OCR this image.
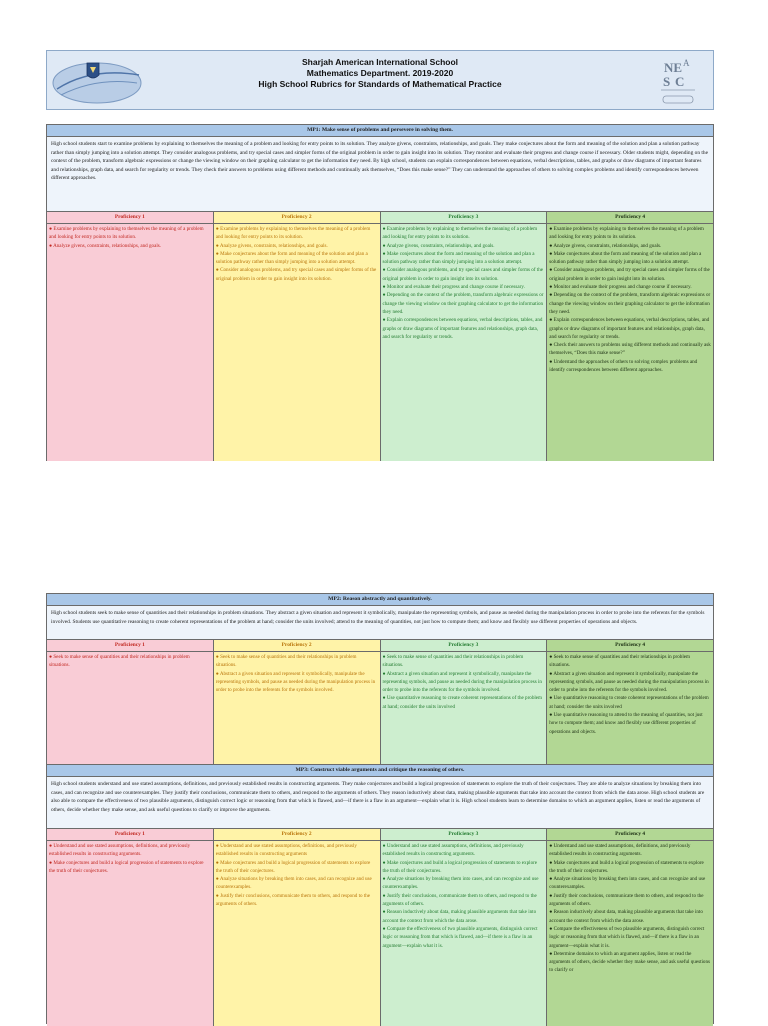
Sharjah American International School
Mathematics Department. 2019-2020
High School Rubrics for Standards of Mathematical Practice
NE A
S C
MP1: Make sense of problems and persevere in solving them.
High school students start to examine problems by explaining to themselves the meaning of a problem and looking for entry points to its solution. They analyze givens, constraints, relationships, and goals. They make conjectures about the form and meaning of the solution and plan a solution pathway rather than simply jumping into a solution attempt. They consider analogous problems, and try special cases and simpler forms of the original problem in order to gain insight into its solution. They monitor and evaluate their progress and change course if necessary. Older students might, depending on the context of the problem, transform algebraic expressions or change the viewing window on their graphing calculator to get the information they need. By high school, students can explain correspondences between equations, verbal descriptions, tables, and graphs or draw diagrams of important features and relationships, graph data, and search for regularity or trends. They check their answers to problems using different methods and continually ask themselves, “Does this make sense?” They can understand the approaches of others to solving complex problems and identify correspondences between different approaches.
Proficiency 1

● Examine problems by explaining to themselves the meaning of a problem and looking for entry points to its solution.

● Analyze givens, constraints, relationships, and goals.

Proficiency 2

● Examine problems by explaining to themselves the meaning of a problem and looking for entry points to its solution.

● Analyze givens, constraints, relationships, and goals.

● Make conjectures about the form and meaning of the solution and plan a solution pathway rather than simply jumping into a solution attempt.

● Consider analogous problems, and try special cases and simpler forms of the original problem in order to gain insight into its solution.

Proficiency 3

● Examine problems by explaining to themselves the meaning of a problem and looking for entry points to its solution.

● Analyze givens, constraints, relationships, and goals.

● Make conjectures about the form and meaning of the solution and plan a solution pathway rather than simply jumping into a solution attempt.

● Consider analogous problems, and try special cases and simpler forms of the original problem in order to gain insight into its solution.

● Monitor and evaluate their progress and change course if necessary.

● Depending on the context of the problem, transform algebraic expressions or change the viewing window on their graphing calculator to get the information they need.

● Explain correspondences between equations, verbal descriptions, tables, and graphs or draw diagrams of important features and relationships, graph data, and search for regularity or trends.

Proficiency 4

● Examine problems by explaining to themselves the meaning of a problem and looking for entry points to its solution.

● Analyze givens, constraints, relationships, and goals.

● Make conjectures about the form and meaning of the solution and plan a solution pathway rather than simply jumping into a solution attempt.

● Consider analogous problems, and try special cases and simpler forms of the original problem in order to gain insight into its solution.

● Monitor and evaluate their progress and change course if necessary.

● Depending on the context of the problem, transform algebraic expressions or change the viewing window on their graphing calculator to get the information they need.

● Explain correspondences between equations, verbal descriptions, tables, and graphs or draw diagrams of important features and relationships, graph data, and search for regularity or trends.

● Check their answers to problems using different methods and continually ask themselves, “Does this make sense?”

● Understand the approaches of others to solving complex problems and identify correspondences between different approaches.

MP2: Reason abstractly and quantitatively.
High school students seek to make sense of quantities and their relationships in problem situations. They abstract a given situation and represent it symbolically, manipulate the representing symbols, and pause as needed during the manipulation process in order to probe into the referents for the symbols involved. Students use quantitative reasoning to create coherent representations of the problem at hand; consider the units involved; attend to the meaning of quantities, not just how to compute them; and know and flexibly use different properties of operations and objects.
Proficiency 1

● Seek to make sense of quantities and their relationships in problem situations.

Proficiency 2

● Seek to make sense of quantities and their relationships in problem situations.

● Abstract a given situation and represent it symbolically, manipulate the representing symbols, and pause as needed during the manipulation process in order to probe into the referents for the symbols involved.

Proficiency 3

● Seek to make sense of quantities and their relationships in problem situations.

● Abstract a given situation and represent it symbolically, manipulate the representing symbols, and pause as needed during the manipulation process in order to probe into the referents for the symbols involved.

● Use quantitative reasoning to create coherent representations of the problem at hand; consider the units involved

Proficiency 4

● Seek to make sense of quantities and their relationships in problem situations.

● Abstract a given situation and represent it symbolically, manipulate the representing symbols, and pause as needed during the manipulation process in order to probe into the referents for the symbols involved.

● Use quantitative reasoning to create coherent representations of the problem at hand; consider the units involved

● Use quantitative reasoning to attend to the meaning of quantities, not just how to compute them; and know and flexibly use different properties of operations and objects.

MP3: Construct viable arguments and critique the reasoning of others.
High school students understand and use stated assumptions, definitions, and previously established results in constructing arguments. They make conjectures and build a logical progression of statements to explore the truth of their conjectures. They are able to analyze situations by breaking them into cases, and can recognize and use counterexamples. They justify their conclusions, communicate them to others, and respond to the arguments of others. They reason inductively about data, making plausible arguments that take into account the context from which the data arose. High school students are also able to compare the effectiveness of two plausible arguments, distinguish correct logic or reasoning from that which is flawed, and—if there is a flaw in an argument—explain what it is. High school students learn to determine domains to which an argument applies, listen or read the arguments of others, decide whether they make sense, and ask useful questions to clarify or improve the arguments.
Proficiency 1

● Understand and use stated assumptions, definitions, and previously established results in constructing arguments.

● Make conjectures and build a logical progression of statements to explore the truth of their conjectures.

Proficiency 2

● Understand and use stated assumptions, definitions, and previously established results in constructing arguments

● Make conjectures and build a logical progression of statements to explore the truth of their conjectures.

● Analyze situations by breaking them into cases, and can recognize and use counterexamples.

● Justify their conclusions, communicate them to others, and respond to the arguments of others.

Proficiency 3

● Understand and use stated assumptions, definitions, and previously established results in constructing arguments.

● Make conjectures and build a logical progression of statements to explore the truth of their conjectures.

● Analyze situations by breaking them into cases, and can recognize and use counterexamples.

● Justify their conclusions, communicate them to others, and respond to the arguments of others.

● Reason inductively about data, making plausible arguments that take into account the context from which the data arose.

● Compare the effectiveness of two plausible arguments, distinguish correct logic or reasoning from that which is flawed, and—if there is a flaw in an argument—explain what it is.

Proficiency 4

● Understand and use stated assumptions, definitions, and previously established results in constructing arguments.

● Make conjectures and build a logical progression of statements to explore the truth of their conjectures.

● Analyze situations by breaking them into cases, and can recognize and use counterexamples.

● Justify their conclusions, communicate them to others, and respond to the arguments of others.

● Reason inductively about data, making plausible arguments that take into account the context from which the data arose.

● Compare the effectiveness of two plausible arguments, distinguish correct logic or reasoning from that which is flawed, and—if there is a flaw in an argument—explain what it is.

● Determine domains to which an argument applies, listen or read the arguments of others, decide whether they make sense, and ask useful questions to clarify or
